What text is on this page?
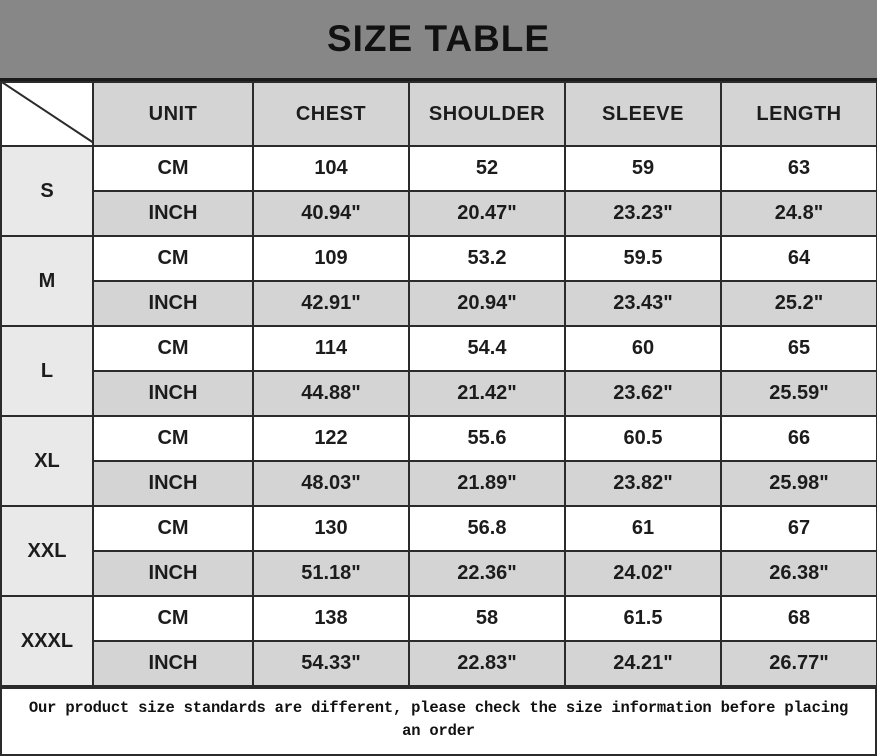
SIZE TABLE
	UNIT	CHEST	SHOULDER	SLEEVE	LENGTH
S	CM	104	52	59	63
	INCH	40.94"	20.47"	23.23"	24.8"
M	CM	109	53.2	59.5	64
	INCH	42.91"	20.94"	23.43"	25.2"
L	CM	114	54.4	60	65
	INCH	44.88"	21.42"	23.62"	25.59"
XL	CM	122	55.6	60.5	66
	INCH	48.03"	21.89"	23.82"	25.98"
XXL	CM	130	56.8	61	67
	INCH	51.18"	22.36"	24.02"	26.38"
XXXL	CM	138	58	61.5	68
	INCH	54.33"	22.83"	24.21"	26.77"

Our product size standards are different, please check the size information before placing an order
